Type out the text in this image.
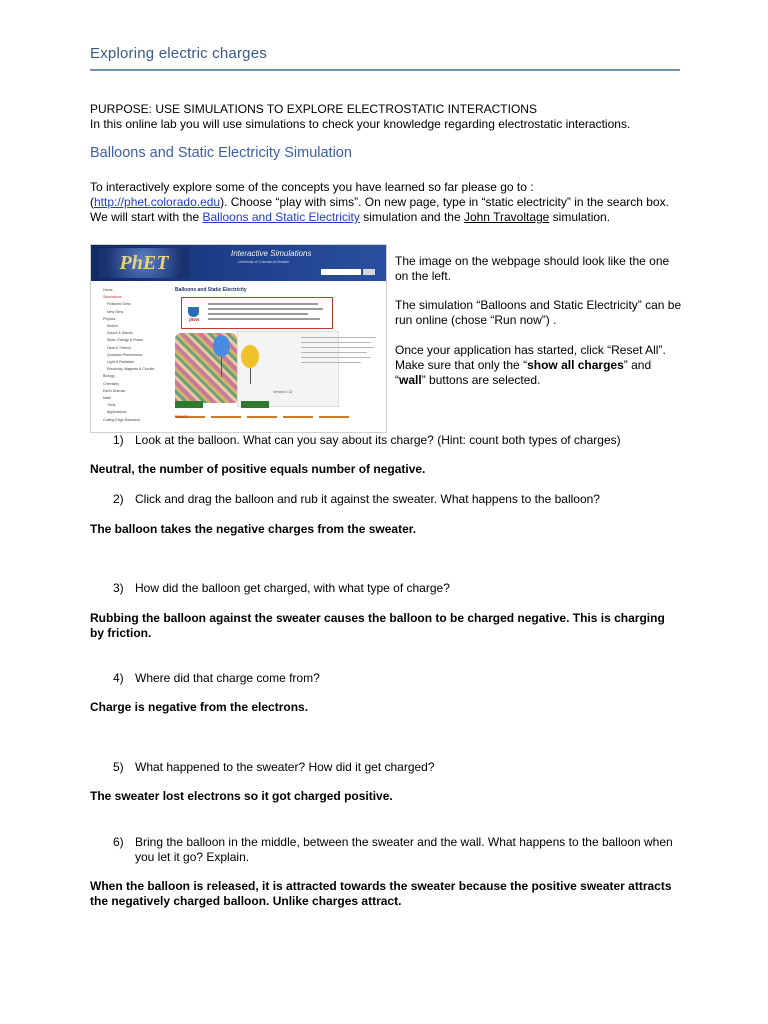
Exploring electric charges
PURPOSE: USE SIMULATIONS TO EXPLORE ELECTROSTATIC INTERACTIONS
In this online lab you will use simulations to check your knowledge regarding electrostatic interactions.
Balloons and Static Electricity Simulation
To interactively explore some of the concepts you have learned so far please go to :
(http://phet.colorado.edu). Choose “play with sims”. On new page, type in “static electricity” in the search box. We will start with the Balloons and Static Electricity simulation and the John Travoltage simulation.
PhET	Interactive Simulations
University of Colorado at Boulder
Home
Simulations
Featured Sims
New Sims
Physics
Motion
Sound & Waves
Work, Energy & Power
Heat & Thermo
Quantum Phenomena
Light & Radiation
Electricity, Magnets & Circuits
Biology
Chemistry
Earth Science
Math
Tools
Applications
Cutting Edge Research
Balloons and Static Electricity
java
Version 1.12
TOPICS
The image on the webpage should look like the one on the left.
The simulation “Balloons and Static Electricity” can be run online (chose “Run now”) .
Once your application has started, click “Reset All”. Make sure that only the “show all charges” and “wall” buttons are selected.
1) Look at the balloon. What can you say about its charge? (Hint: count both types of charges)
Neutral, the number of positive equals number of negative.
2) Click and drag the balloon and rub it against the sweater. What happens to the balloon?
The balloon takes the negative charges from the sweater.
3) How did the balloon get charged, with what type of charge?
Rubbing the balloon against the sweater causes the balloon to be charged negative. This is charging by friction.
4) Where did that charge come from?
Charge is negative from the electrons.
5) What happened to the sweater? How did it get charged?
The sweater lost electrons so it got charged positive.
6) Bring the balloon in the middle, between the sweater and the wall. What happens to the balloon when you let it go? Explain.
When the balloon is released, it is attracted towards the sweater because the positive sweater attracts the negatively charged balloon. Unlike charges attract.
